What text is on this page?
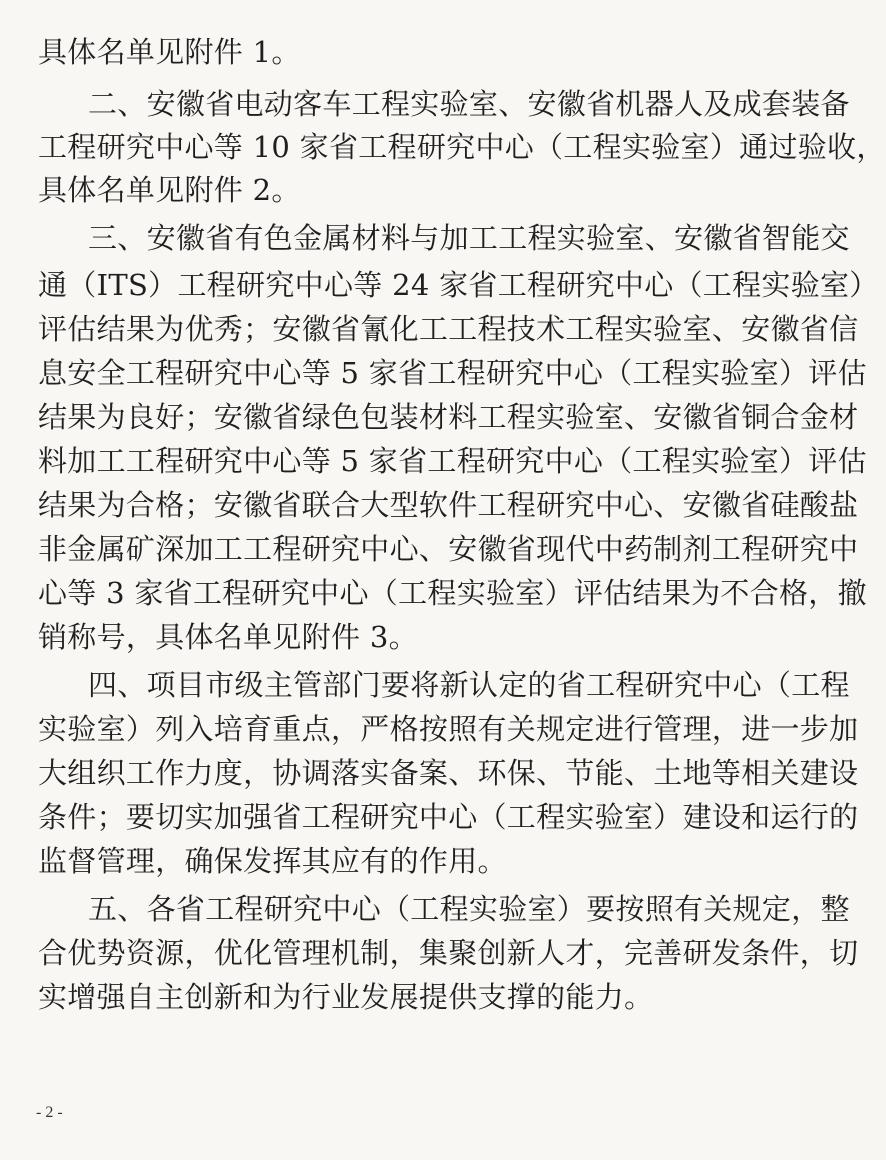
具体名单见附件 1。
二、安徽省电动客车工程实验室、安徽省机器人及成套装备
工程研究中心等 10 家省工程研究中心（工程实验室）通过验收，
具体名单见附件 2。
三、安徽省有色金属材料与加工工程实验室、安徽省智能交
通（ITS）工程研究中心等 24 家省工程研究中心（工程实验室）
评估结果为优秀；安徽省氰化工工程技术工程实验室、安徽省信
息安全工程研究中心等 5 家省工程研究中心（工程实验室）评估
结果为良好；安徽省绿色包装材料工程实验室、安徽省铜合金材
料加工工程研究中心等 5 家省工程研究中心（工程实验室）评估
结果为合格；安徽省联合大型软件工程研究中心、安徽省硅酸盐
非金属矿深加工工程研究中心、安徽省现代中药制剂工程研究中
心等 3 家省工程研究中心（工程实验室）评估结果为不合格，撤
销称号，具体名单见附件 3。
四、项目市级主管部门要将新认定的省工程研究中心（工程
实验室）列入培育重点，严格按照有关规定进行管理，进一步加
大组织工作力度，协调落实备案、环保、节能、土地等相关建设
条件；要切实加强省工程研究中心（工程实验室）建设和运行的
监督管理，确保发挥其应有的作用。
五、各省工程研究中心（工程实验室）要按照有关规定，整
合优势资源，优化管理机制，集聚创新人才，完善研发条件，切
实增强自主创新和为行业发展提供支撑的能力。
- 2 -
